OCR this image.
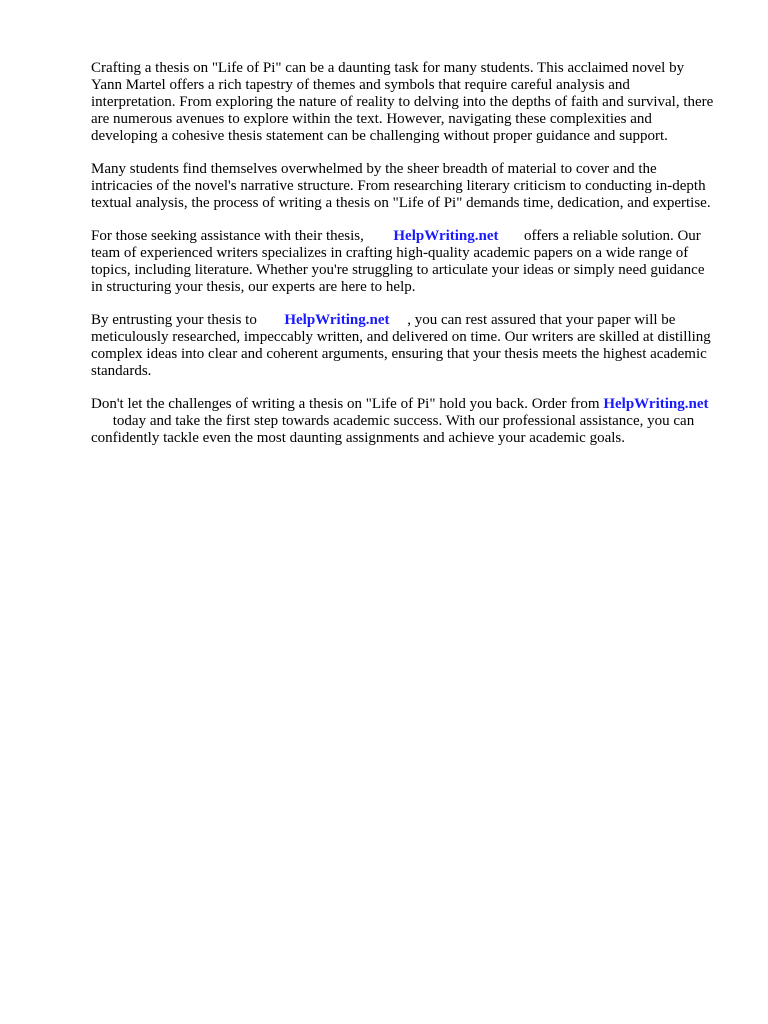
Crafting a thesis on "Life of Pi" can be a daunting task for many students. This acclaimed novel by Yann Martel offers a rich tapestry of themes and symbols that require careful analysis and interpretation. From exploring the nature of reality to delving into the depths of faith and survival, there are numerous avenues to explore within the text. However, navigating these complexities and developing a cohesive thesis statement can be challenging without proper guidance and support.

Many students find themselves overwhelmed by the sheer breadth of material to cover and the intricacies of the novel's narrative structure. From researching literary criticism to conducting in-depth textual analysis, the process of writing a thesis on "Life of Pi" demands time, dedication, and expertise.

For those seeking assistance with their thesis, HelpWriting.net offers a reliable solution. Our team of experienced writers specializes in crafting high-quality academic papers on a wide range of topics, including literature. Whether you're struggling to articulate your ideas or simply need guidance in structuring your thesis, our experts are here to help.

By entrusting your thesis to HelpWriting.net , you can rest assured that your paper will be meticulously researched, impeccably written, and delivered on time. Our writers are skilled at distilling complex ideas into clear and coherent arguments, ensuring that your thesis meets the highest academic standards.

Don't let the challenges of writing a thesis on "Life of Pi" hold you back. Order from HelpWriting.net  today and take the first step towards academic success. With our professional assistance, you can confidently tackle even the most daunting assignments and achieve your academic goals.
